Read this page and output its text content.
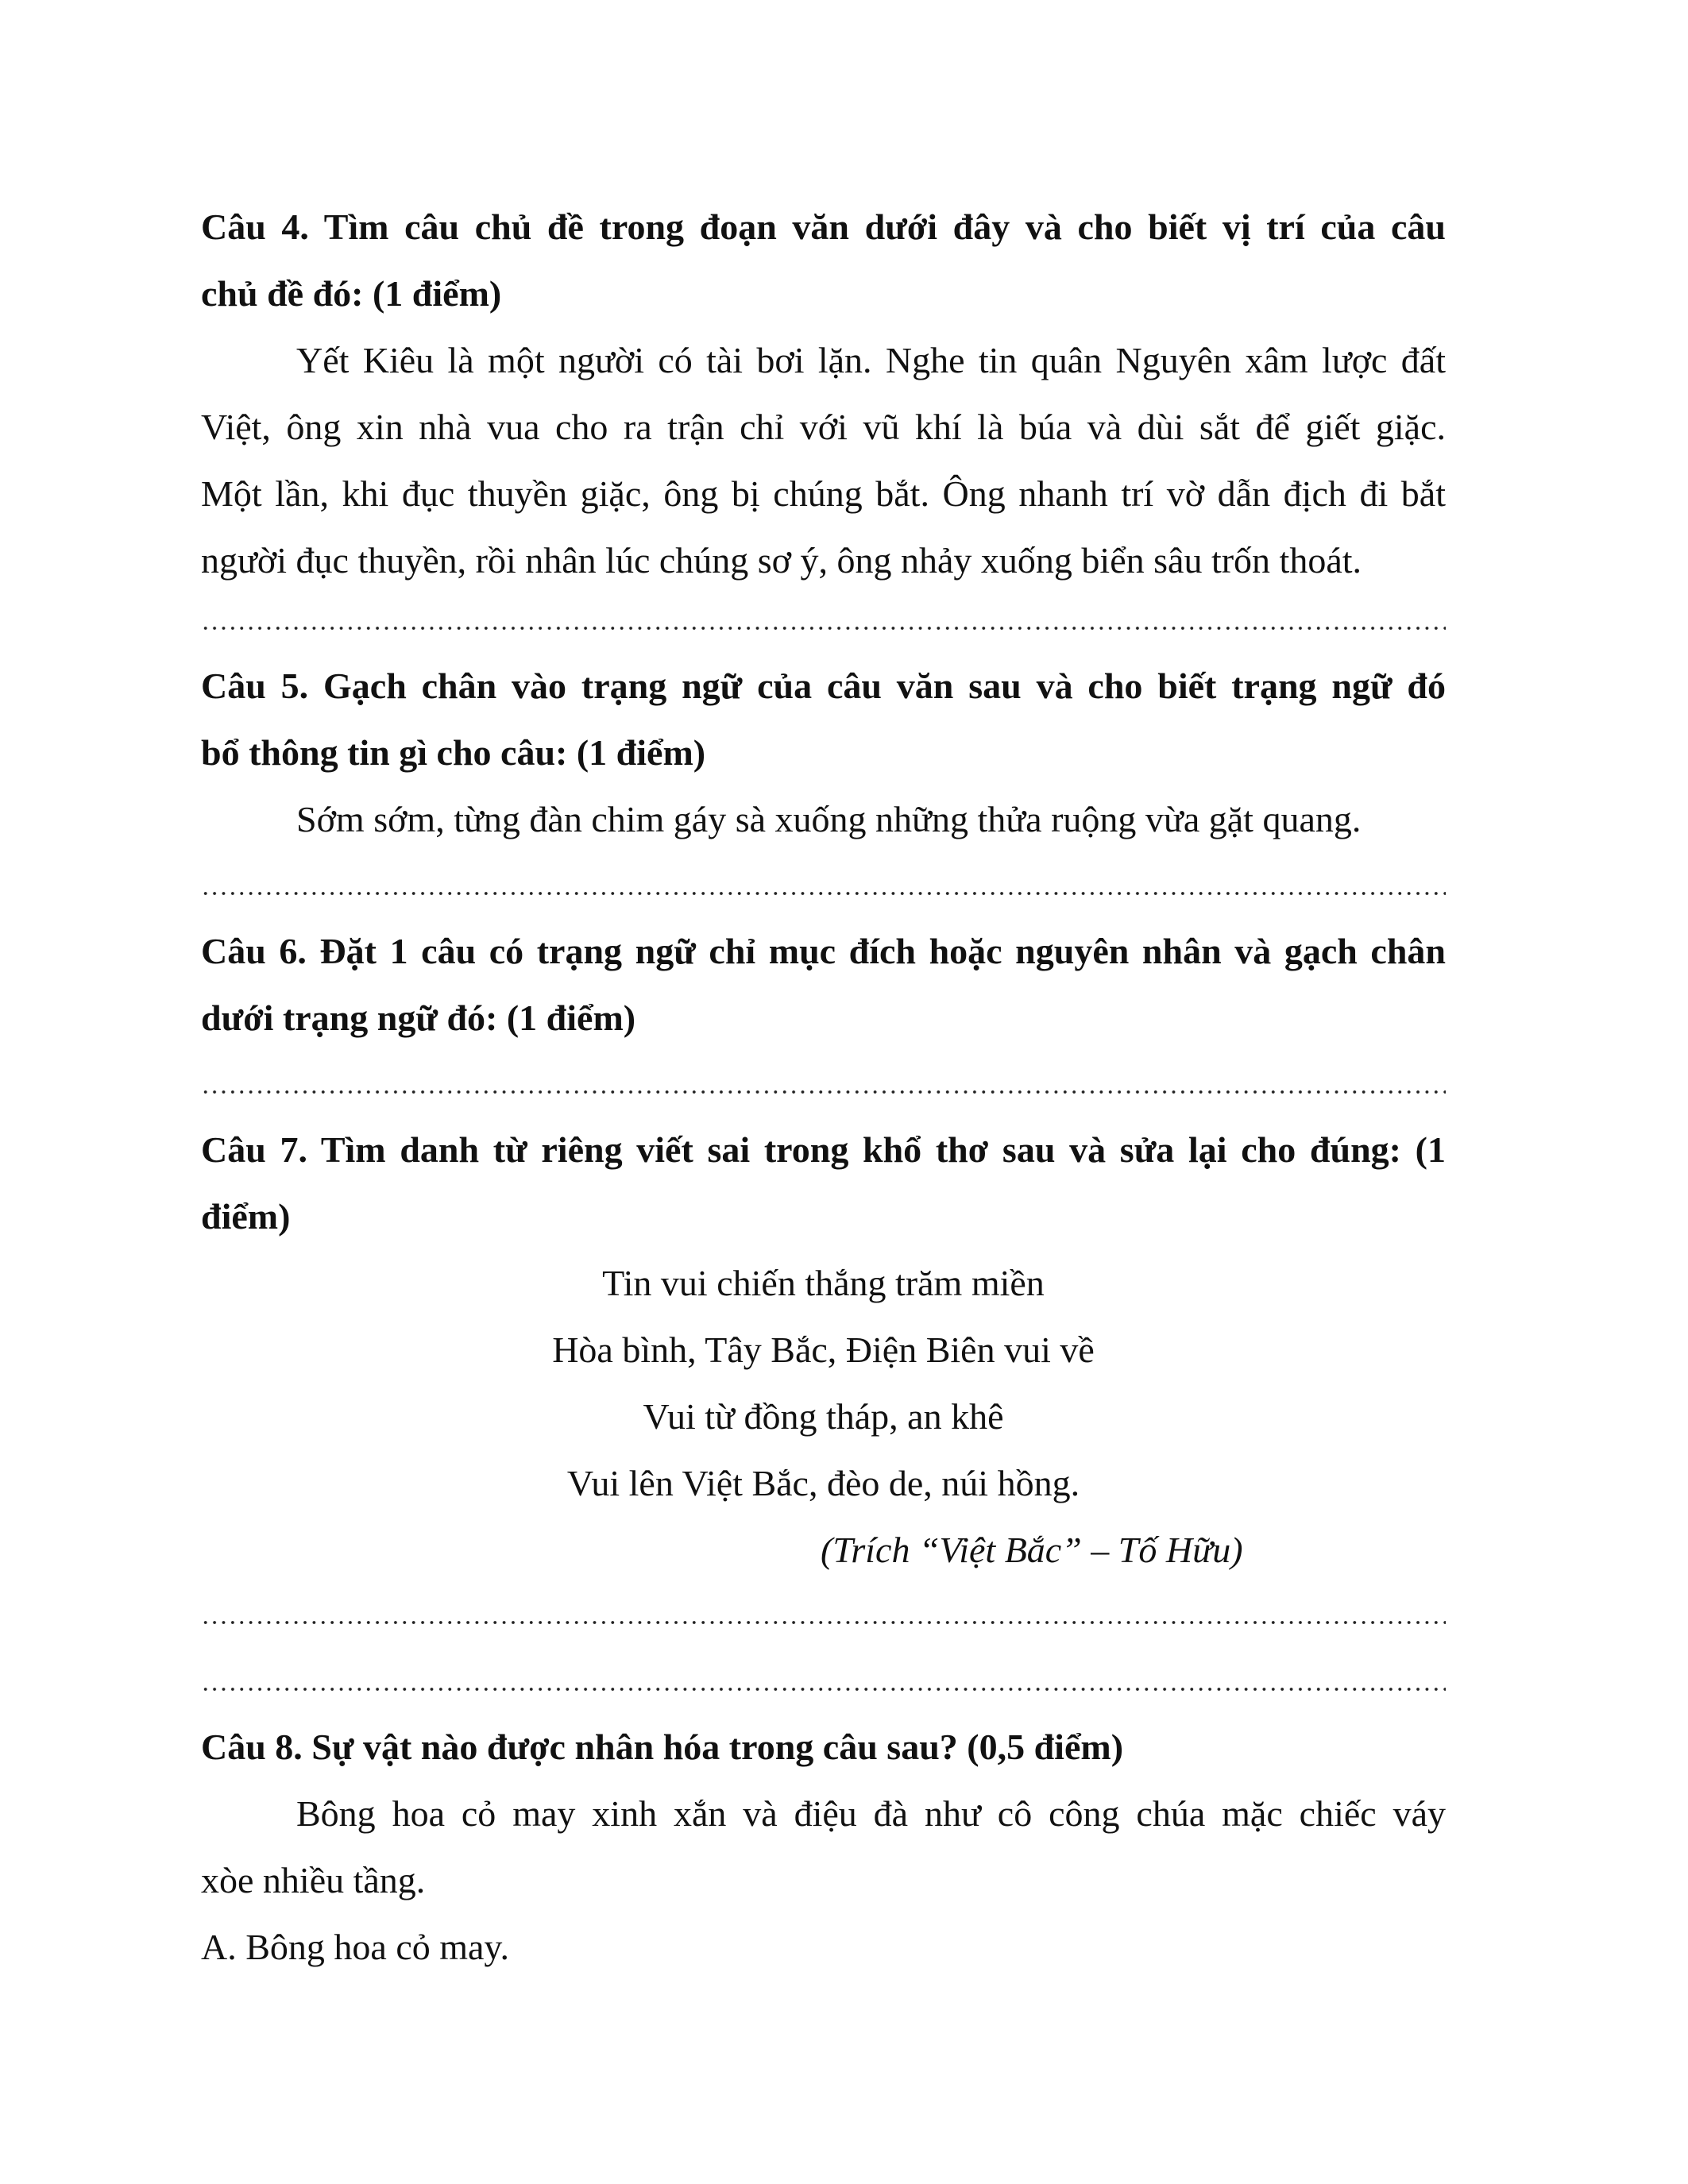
Câu 4. Tìm câu chủ đề trong đoạn văn dưới đây và cho biết vị trí của câu
chủ đề đó: (1 điểm)
Yết Kiêu là một người có tài bơi lặn. Nghe tin quân Nguyên xâm lược đất
Việt, ông xin nhà vua cho ra trận chỉ với vũ khí là búa và dùi sắt để giết giặc.
Một lần, khi đục thuyền giặc, ông bị chúng bắt. Ông nhanh trí vờ dẫn địch đi bắt
người đục thuyền, rồi nhân lúc chúng sơ ý, ông nhảy xuống biển sâu trốn thoát.
Câu 5. Gạch chân vào trạng ngữ của câu văn sau và cho biết trạng ngữ đó
bổ thông tin gì cho câu: (1 điểm)
Sớm sớm, từng đàn chim gáy sà xuống những thửa ruộng vừa gặt quang.
Câu 6. Đặt 1 câu có trạng ngữ chỉ mục đích hoặc nguyên nhân và gạch chân
dưới trạng ngữ đó: (1 điểm)
Câu 7. Tìm danh từ riêng viết sai trong khổ thơ sau và sửa lại cho đúng: (1
điểm)
Tin vui chiến thắng trăm miền
Hòa bình, Tây Bắc, Điện Biên vui về
Vui từ đồng tháp, an khê
Vui lên Việt Bắc, đèo de, núi hồng.
(Trích “Việt Bắc” – Tố Hữu)
Câu 8. Sự vật nào được nhân hóa trong câu sau? (0,5 điểm)
Bông hoa cỏ may xinh xắn và điệu đà như cô công chúa mặc chiếc váy
xòe nhiều tầng.
A. Bông hoa cỏ may.
